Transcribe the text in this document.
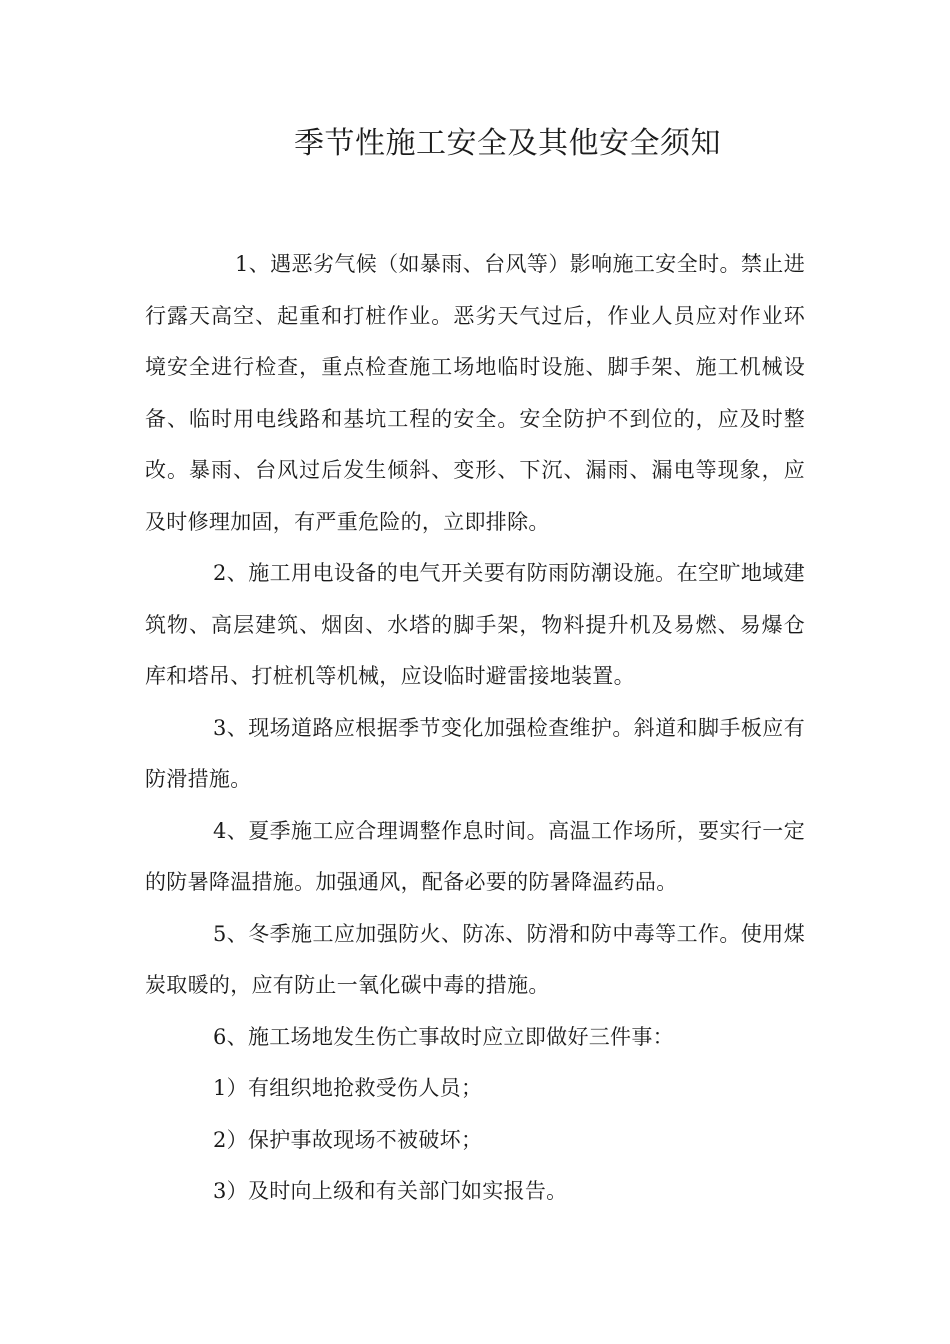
季节性施工安全及其他安全须知

1、遇恶劣气候（如暴雨、台风等）影响施工安全时。禁止进行露天高空、起重和打桩作业。恶劣天气过后，作业人员应对作业环境安全进行检查，重点检查施工场地临时设施、脚手架、施工机械设备、临时用电线路和基坑工程的安全。安全防护不到位的，应及时整改。暴雨、台风过后发生倾斜、变形、下沉、漏雨、漏电等现象，应及时修理加固，有严重危险的，立即排除。

2、施工用电设备的电气开关要有防雨防潮设施。在空旷地域建筑物、高层建筑、烟囱、水塔的脚手架，物料提升机及易燃、易爆仓库和塔吊、打桩机等机械，应设临时避雷接地装置。

3、现场道路应根据季节变化加强检查维护。斜道和脚手板应有防滑措施。

4、夏季施工应合理调整作息时间。高温工作场所，要实行一定的防暑降温措施。加强通风，配备必要的防暑降温药品。

5、冬季施工应加强防火、防冻、防滑和防中毒等工作。使用煤炭取暖的，应有防止一氧化碳中毒的措施。

6、施工场地发生伤亡事故时应立即做好三件事：

1）有组织地抢救受伤人员；

2）保护事故现场不被破坏；

3）及时向上级和有关部门如实报告。
